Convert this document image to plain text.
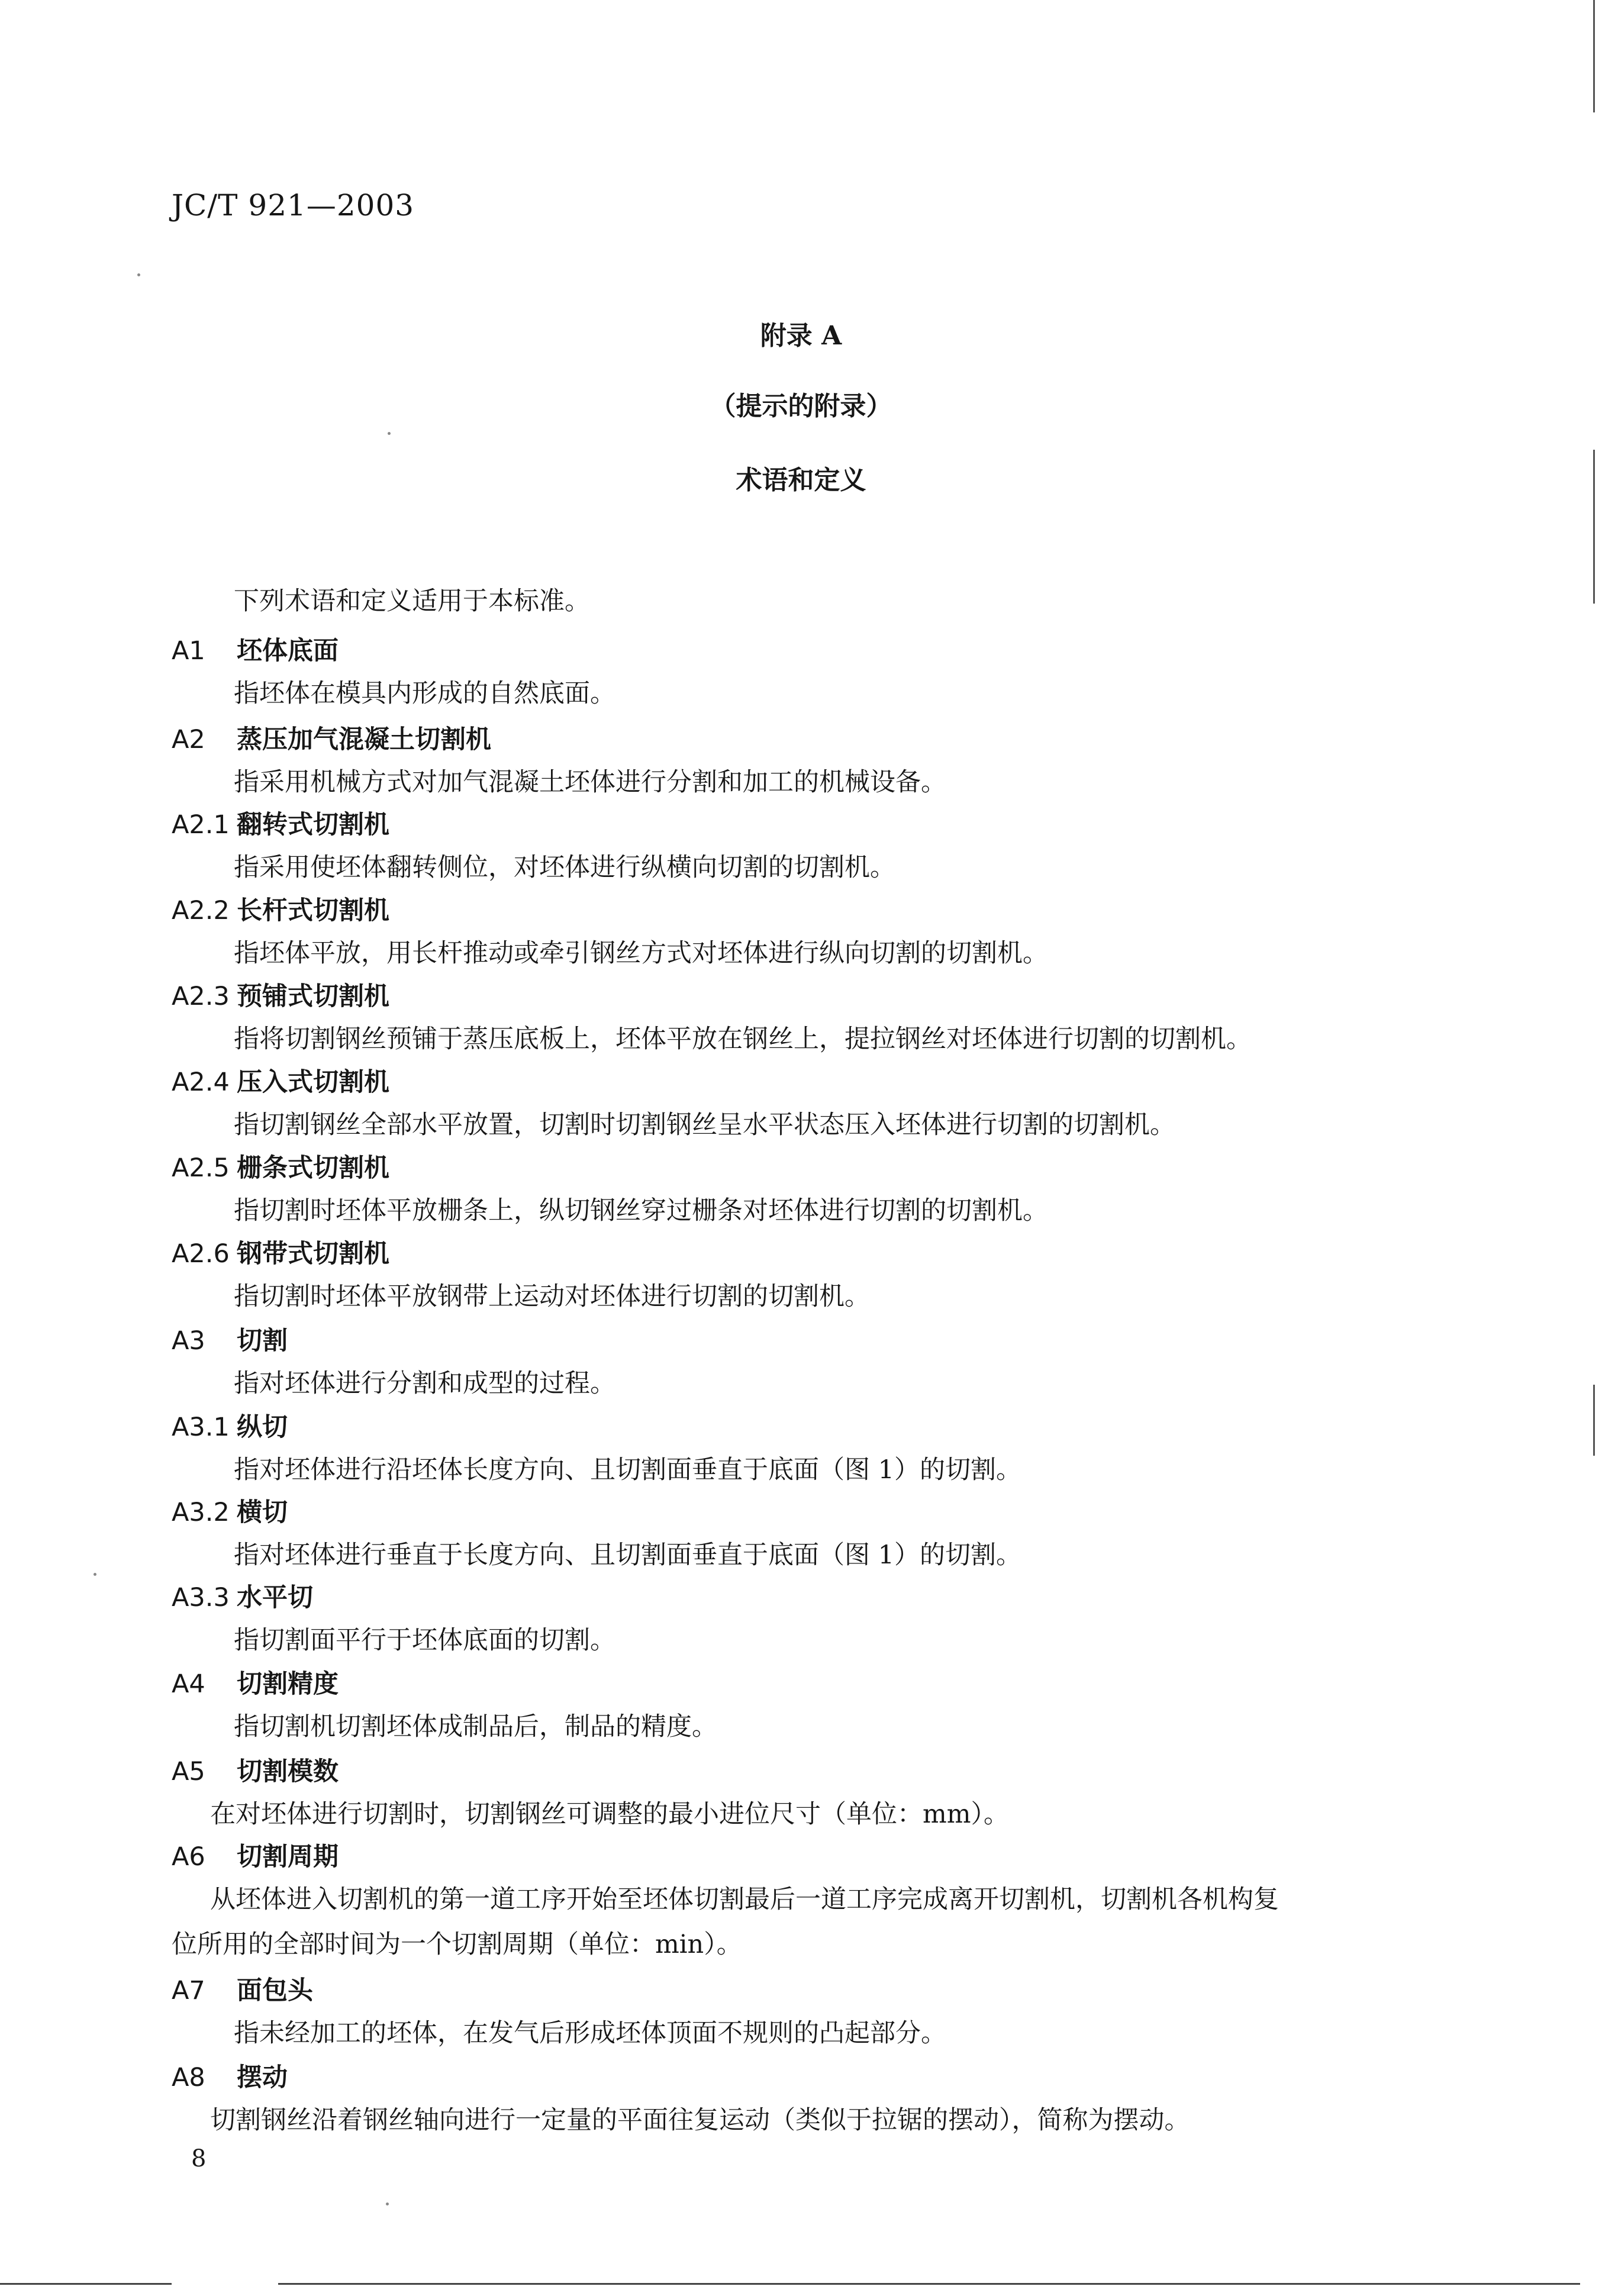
JC/T 921—2003
附录 A
（提示的附录）
术语和定义
下列术语和定义适用于本标准。
A1 坯体底面
指坯体在模具内形成的自然底面。
A2 蒸压加气混凝土切割机
指采用机械方式对加气混凝土坯体进行分割和加工的机械设备。
A2.1 翻转式切割机
指采用使坯体翻转侧位，对坯体进行纵横向切割的切割机。
A2.2 长杆式切割机
指坯体平放，用长杆推动或牵引钢丝方式对坯体进行纵向切割的切割机。
A2.3 预铺式切割机
指将切割钢丝预铺于蒸压底板上，坯体平放在钢丝上，提拉钢丝对坯体进行切割的切割机。
A2.4 压入式切割机
指切割钢丝全部水平放置，切割时切割钢丝呈水平状态压入坯体进行切割的切割机。
A2.5 栅条式切割机
指切割时坯体平放栅条上，纵切钢丝穿过栅条对坯体进行切割的切割机。
A2.6 钢带式切割机
指切割时坯体平放钢带上运动对坯体进行切割的切割机。
A3 切割
指对坯体进行分割和成型的过程。
A3.1 纵切
指对坯体进行沿坯体长度方向、且切割面垂直于底面（图 1）的切割。
A3.2 横切
指对坯体进行垂直于长度方向、且切割面垂直于底面（图 1）的切割。
A3.3 水平切
指切割面平行于坯体底面的切割。
A4 切割精度
指切割机切割坯体成制品后，制品的精度。
A5 切割模数
在对坯体进行切割时，切割钢丝可调整的最小进位尺寸（单位：mm）。
A6 切割周期
从坯体进入切割机的第一道工序开始至坯体切割最后一道工序完成离开切割机，切割机各机构复
位所用的全部时间为一个切割周期（单位：min）。
A7 面包头
指未经加工的坯体，在发气后形成坯体顶面不规则的凸起部分。
A8 摆动
切割钢丝沿着钢丝轴向进行一定量的平面往复运动（类似于拉锯的摆动），简称为摆动。
8
